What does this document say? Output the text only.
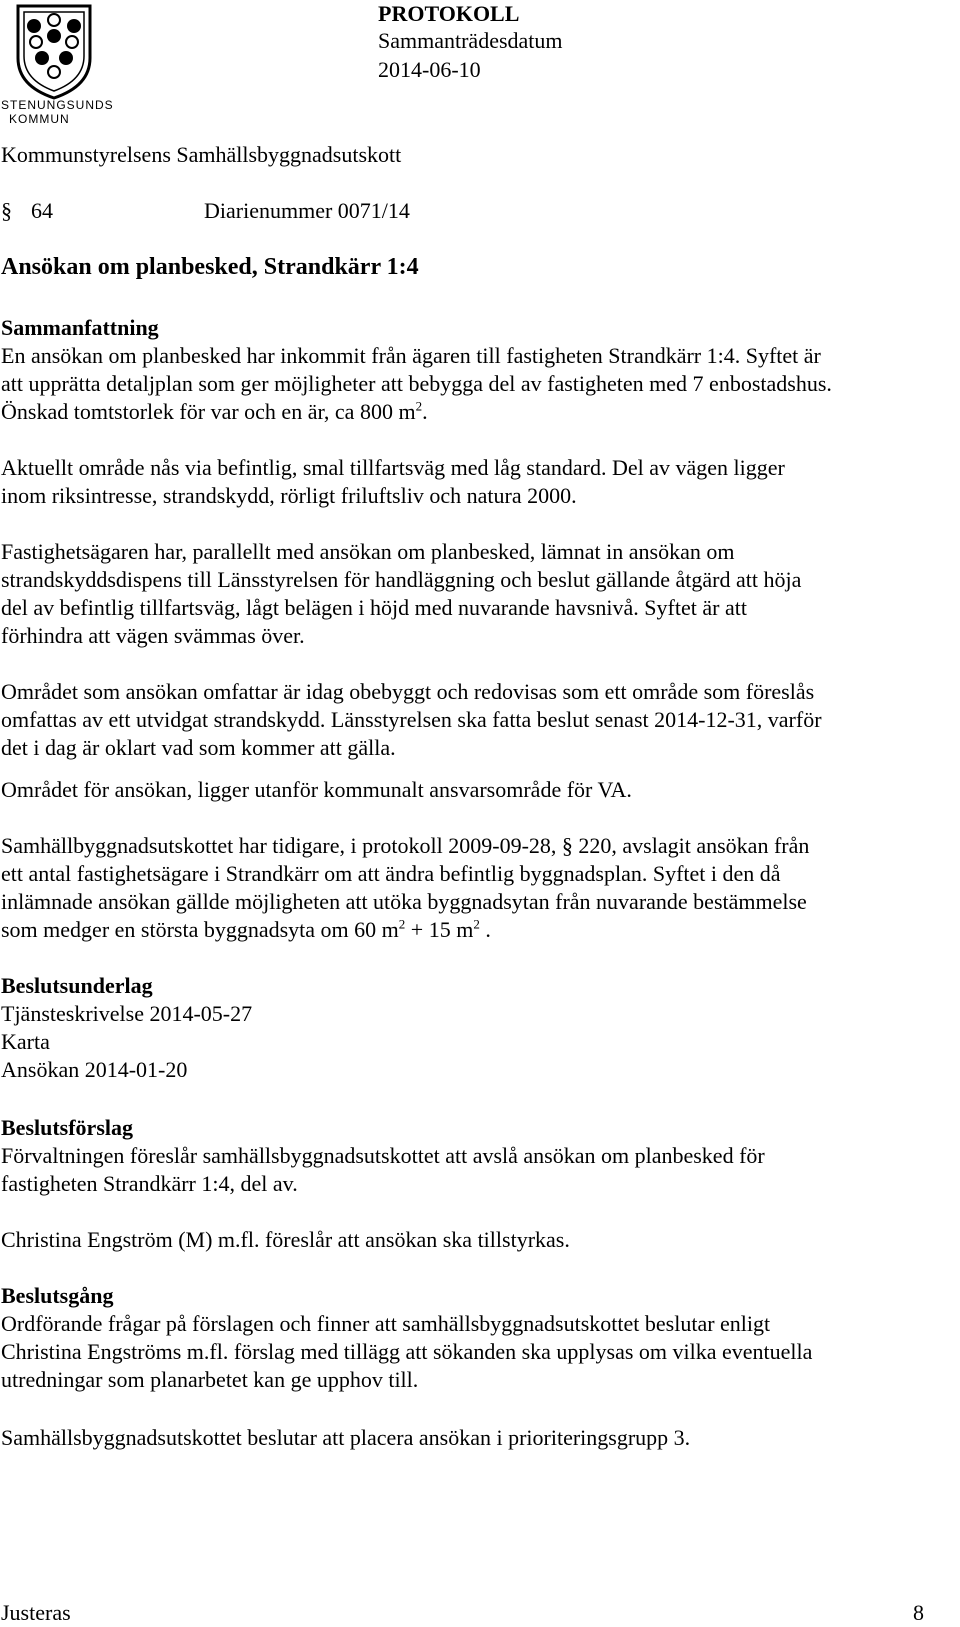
STENUNGSUNDS
KOMMUN
PROTOKOLL
Sammanträdesdatum
2014-06-10
Kommunstyrelsens Samhällsbyggnadsutskott
§ 64	Diarienummer 0071/14
Ansökan om planbesked, Strandkärr 1:4
Sammanfattning
En ansökan om planbesked har inkommit från ägaren till fastigheten Strandkärr 1:4. Syftet är
att upprätta detaljplan som ger möjligheter att bebygga del av fastigheten med 7 enbostadshus.
Önskad tomtstorlek för var och en är, ca 800 $m^2$.
Aktuellt område nås via befintlig, smal tillfartsväg med låg standard. Del av vägen ligger
inom riksintresse, strandskydd, rörligt friluftsliv och natura 2000.
Fastighetsägaren har, parallellt med ansökan om planbesked, lämnat in ansökan om
strandskyddsdispens till Länsstyrelsen för handläggning och beslut gällande åtgärd att höja
del av befintlig tillfartsväg, lågt belägen i höjd med nuvarande havsnivå. Syftet är att
förhindra att vägen svämmas över.
Området som ansökan omfattar är idag obebyggt och redovisas som ett område som föreslås
omfattas av ett utvidgat strandskydd. Länsstyrelsen ska fatta beslut senast 2014-12-31, varför
det i dag är oklart vad som kommer att gälla.
Området för ansökan, ligger utanför kommunalt ansvarsområde för VA.
Samhällbyggnadsutskottet har tidigare, i protokoll 2009-09-28, § 220, avslagit ansökan från
ett antal fastighetsägare i Strandkärr om att ändra befintlig byggnadsplan. Syftet i den då
inlämnade ansökan gällde möjligheten att utöka byggnadsytan från nuvarande bestämmelse
som medger en största byggnadsyta om 60 $m^2 + 15$ $m^2$ .
Beslutsunderlag
Tjänsteskrivelse 2014-05-27
Karta
Ansökan 2014-01-20
Beslutsförslag
Förvaltningen föreslår samhällsbyggnadsutskottet att avslå ansökan om planbesked för
fastigheten Strandkärr 1:4, del av.
Christina Engström (M) m.fl. föreslår att ansökan ska tillstyrkas.
Beslutsgång
Ordförande frågar på förslagen och finner att samhällsbyggnadsutskottet beslutar enligt
Christina Engströms m.fl. förslag med tillägg att sökanden ska upplysas om vilka eventuella
utredningar som planarbetet kan ge upphov till.
Samhällsbyggnadsutskottet beslutar att placera ansökan i prioriteringsgrupp 3.
Justeras	8
